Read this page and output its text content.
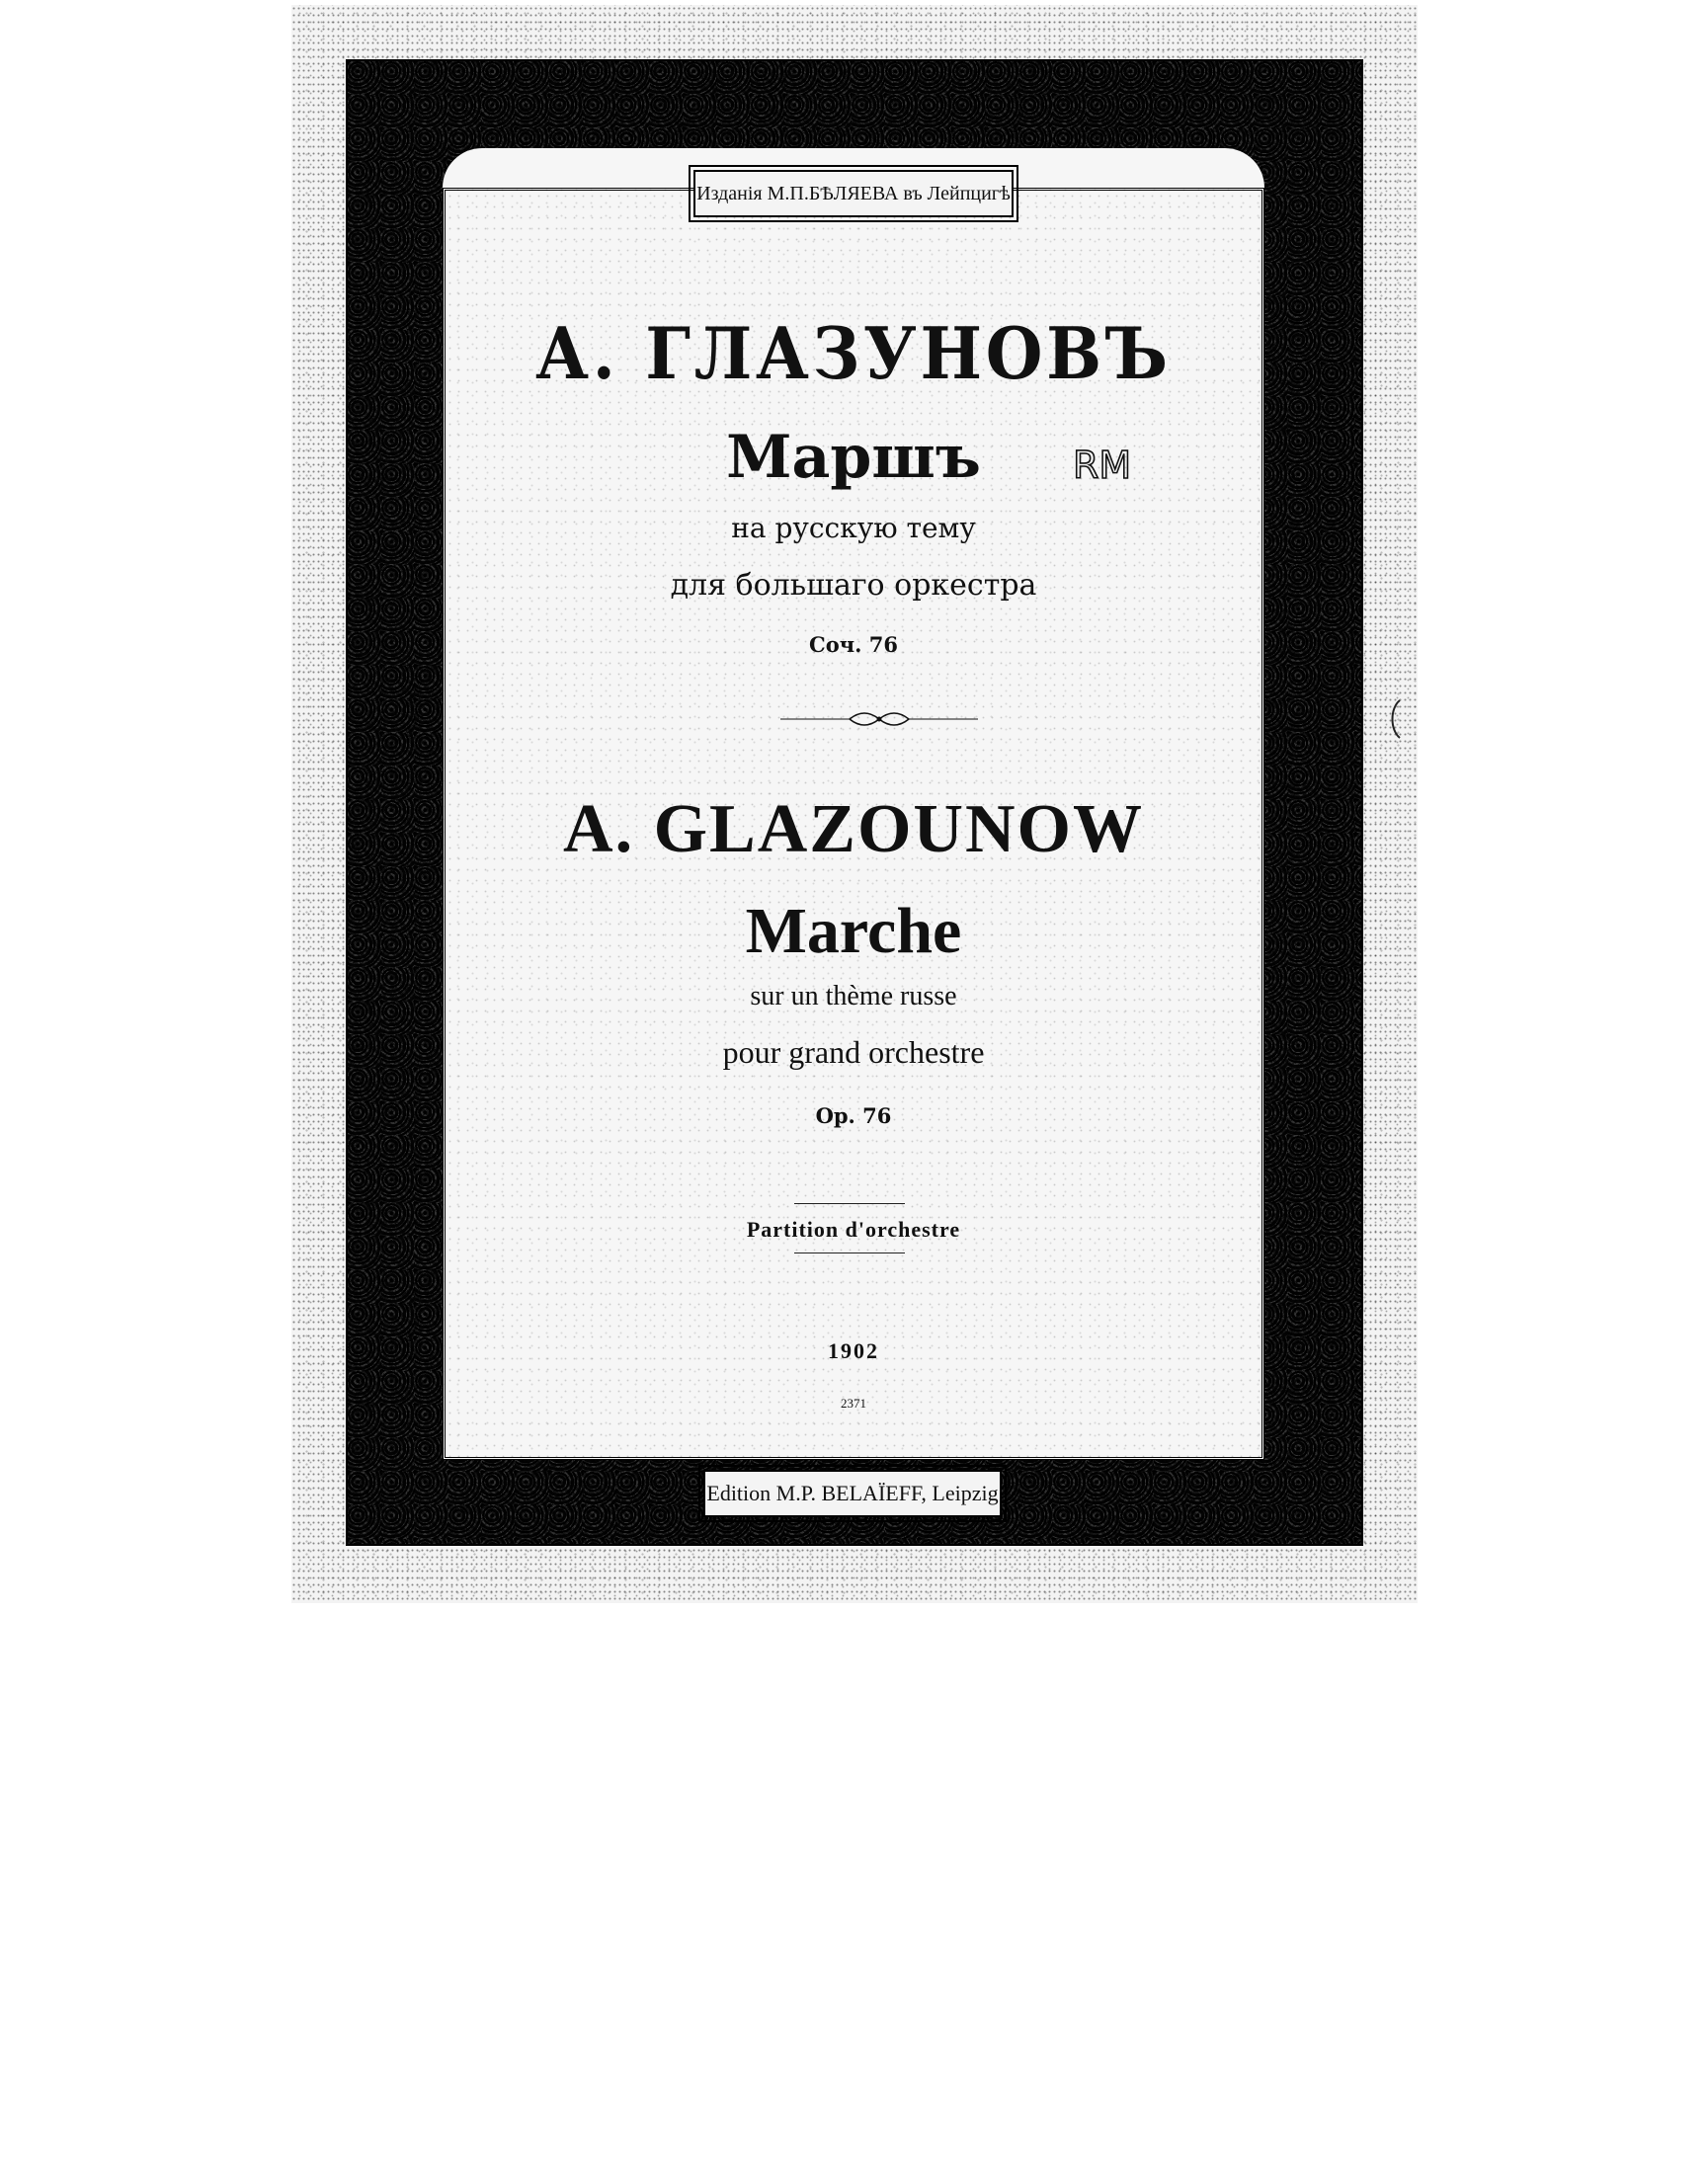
Изданія М.П.БѢЛЯЕВА въ Лейпцигѣ
А. ГЛАЗУНОВЪ
Маршъ
на русскую тему
для большаго оркестра
Соч. 76
RM
A. GLAZOUNOW
Marche
sur un thème russe
pour grand orchestre
Op. 76
Partition d'orchestre
1902
2371
Edition M.P. BELAÏEFF, Leipzig
